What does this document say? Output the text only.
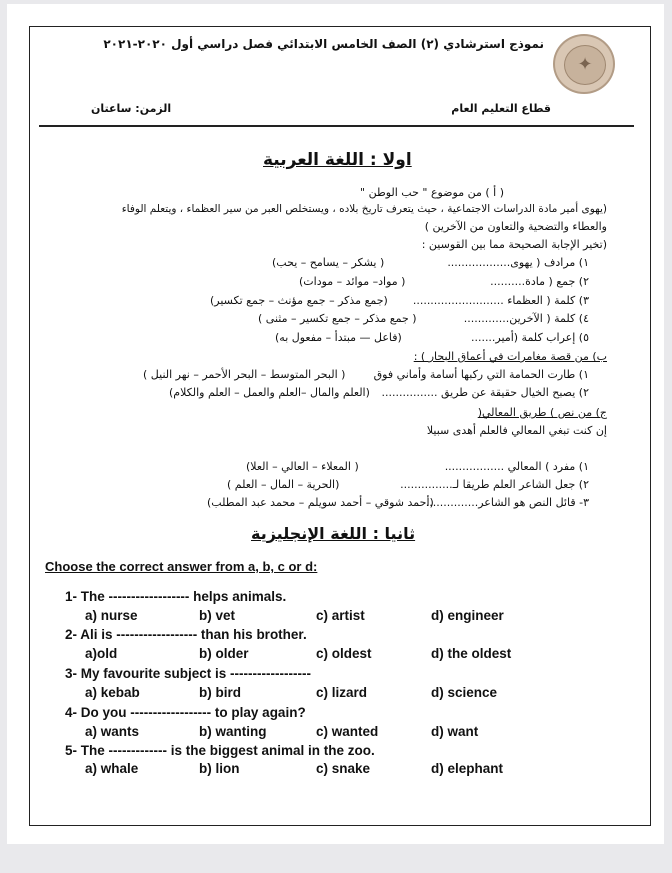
✦
نموذج استرشادي (٢) الصف الخامس الابتدائي فصل دراسي أول ٢٠٢٠-٢٠٢١
قطاع التعليم العام
الزمن: ساعتان
اولا : اللغة العربية
( أ ) من موضوع " حب الوطن "
(يهوى أمير مادة الدراسات الاجتماعية ، حيث يتعرف تاريخ بلاده ، ويستخلص العبر من سير العظماء ، ويتعلم الوفاء
والعطاء والتضحية والتعاون من الآخرين )
(تخير الإجابة الصحيحة مما بين القوسين :
١) مرادف ( يهوى..................
( يشكر – يسامح – يحب)
٢) جمع ( مادة..........
( مواد– موائد – مودات)
٣) كلمة ( العظماء ..........................
(جمع مذكر – جمع مؤنث – جمع تكسير)
٤) كلمة ( الآخرين.............
( جمع مذكر – جمع تكسير – مثنى )
٥) إعراب كلمة (أمير.......
(فاعل — مبتدأ – مفعول به)
ب) من قصة مغامرات في أعماق البحار ) :
١) طارت الحمامة التي ركبها أسامة وأماني فوق
( البحر المتوسط – البحر الأحمر – نهر النيل )
٢) يصبح الخيال حقيقة عن طريق ................
(العلم والمال –العلم والعمل – العلم والكلام)
ج) من نص ) طريق المعالي(
إن كنت تبغي المعالي فالعلم أهدى سبيلا
١) مفرد ) المعالي .................
( المعلاء – العالي – العلا)
٢) جعل الشاعر العلم طريقا لـ...............
(الحرية – المال – العلم )
٣- قائل النص هو الشاعر...............
(أحمد شوقي – أحمد سويلم – محمد عبد المطلب)
ثانيا : اللغة الإنجليزية
Choose the correct answer from a, b, c or d:
1- The ------------------ helps animals.
a) nurse	b) vet	c) artist	d) engineer
2- Ali is ------------------ than his brother.
a)old	b) older	c) oldest	d) the oldest
3- My favourite subject is ------------------
a) kebab	b) bird	c) lizard	d) science
4- Do you ------------------ to play again?
a) wants	b) wanting	c) wanted	d) want
5- The ------------- is the biggest animal in the zoo.
a) whale	b) lion	c) snake	d) elephant
